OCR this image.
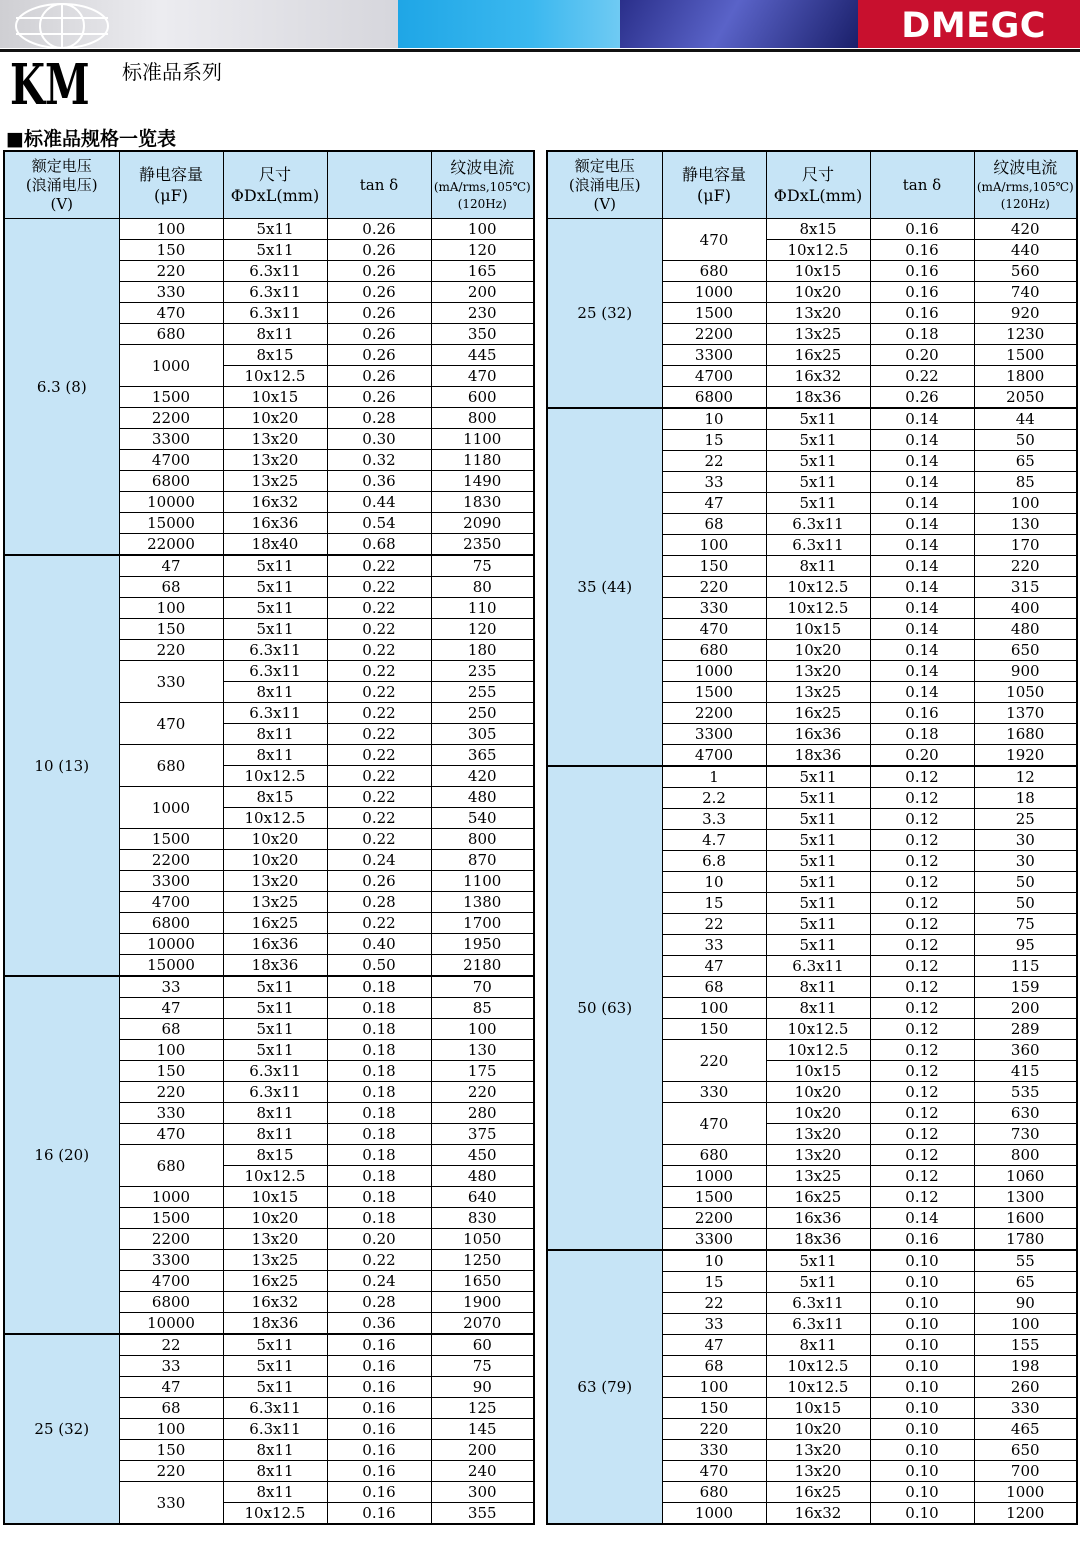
DMEGC
KM 标准品系列
■标准品规格一览表
额定电压
(浪涌电压)
(V)	静电容量
(μF)	尺寸
ΦDxL(mm)	tan δ	纹波电流
(mA/rms,105℃)
(120Hz)

6.3 (8)	100	5x11	0.26	100
	150	5x11	0.26	120
	220	6.3x11	0.26	165
	330	6.3x11	0.26	200
	470	6.3x11	0.26	230
	680	8x11	0.26	350
	1000	8x15	0.26	445
		10x12.5	0.26	470
	1500	10x15	0.26	600
	2200	10x20	0.28	800
	3300	13x20	0.30	1100
	4700	13x20	0.32	1180
	6800	13x25	0.36	1490
	10000	16x32	0.44	1830
	15000	16x36	0.54	2090
	22000	18x40	0.68	2350
10 (13)	47	5x11	0.22	75
	68	5x11	0.22	80
	100	5x11	0.22	110
	150	5x11	0.22	120
	220	6.3x11	0.22	180
	330	6.3x11	0.22	235
		8x11	0.22	255
	470	6.3x11	0.22	250
		8x11	0.22	305
	680	8x11	0.22	365
		10x12.5	0.22	420
	1000	8x15	0.22	480
		10x12.5	0.22	540
	1500	10x20	0.22	800
	2200	10x20	0.24	870
	3300	13x20	0.26	1100
	4700	13x25	0.28	1380
	6800	16x25	0.22	1700
	10000	16x36	0.40	1950
	15000	18x36	0.50	2180
16 (20)	33	5x11	0.18	70
	47	5x11	0.18	85
	68	5x11	0.18	100
	100	5x11	0.18	130
	150	6.3x11	0.18	175
	220	6.3x11	0.18	220
	330	8x11	0.18	280
	470	8x11	0.18	375
	680	8x15	0.18	450
		10x12.5	0.18	480
	1000	10x15	0.18	640
	1500	10x20	0.18	830
	2200	13x20	0.20	1050
	3300	13x25	0.22	1250
	4700	16x25	0.24	1650
	6800	16x32	0.28	1900
	10000	18x36	0.36	2070
25 (32)	22	5x11	0.16	60
	33	5x11	0.16	75
	47	5x11	0.16	90
	68	6.3x11	0.16	125
	100	6.3x11	0.16	145
	150	8x11	0.16	200
	220	8x11	0.16	240
	330	8x11	0.16	300
		10x12.5	0.16	355
额定电压
(浪涌电压)
(V)	静电容量
(μF)	尺寸
ΦDxL(mm)	tan δ	纹波电流
(mA/rms,105℃)
(120Hz)

25 (32)	470	8x15	0.16	420
		10x12.5	0.16	440
	680	10x15	0.16	560
	1000	10x20	0.16	740
	1500	13x20	0.16	920
	2200	13x25	0.18	1230
	3300	16x25	0.20	1500
	4700	16x32	0.22	1800
	6800	18x36	0.26	2050
35 (44)	10	5x11	0.14	44
	15	5x11	0.14	50
	22	5x11	0.14	65
	33	5x11	0.14	85
	47	5x11	0.14	100
	68	6.3x11	0.14	130
	100	6.3x11	0.14	170
	150	8x11	0.14	220
	220	10x12.5	0.14	315
	330	10x12.5	0.14	400
	470	10x15	0.14	480
	680	10x20	0.14	650
	1000	13x20	0.14	900
	1500	13x25	0.14	1050
	2200	16x25	0.16	1370
	3300	16x36	0.18	1680
	4700	18x36	0.20	1920
50 (63)	1	5x11	0.12	12
	2.2	5x11	0.12	18
	3.3	5x11	0.12	25
	4.7	5x11	0.12	30
	6.8	5x11	0.12	30
	10	5x11	0.12	50
	15	5x11	0.12	50
	22	5x11	0.12	75
	33	5x11	0.12	95
	47	6.3x11	0.12	115
	68	8x11	0.12	159
	100	8x11	0.12	200
	150	10x12.5	0.12	289
	220	10x12.5	0.12	360
		10x15	0.12	415
	330	10x20	0.12	535
	470	10x20	0.12	630
		13x20	0.12	730
	680	13x20	0.12	800
	1000	13x25	0.12	1060
	1500	16x25	0.12	1300
	2200	16x36	0.14	1600
	3300	18x36	0.16	1780
63 (79)	10	5x11	0.10	55
	15	5x11	0.10	65
	22	6.3x11	0.10	90
	33	6.3x11	0.10	100
	47	8x11	0.10	155
	68	10x12.5	0.10	198
	100	10x12.5	0.10	260
	150	10x15	0.10	330
	220	10x20	0.10	465
	330	13x20	0.10	650
	470	13x20	0.10	700
	680	16x25	0.10	1000
	1000	16x32	0.10	1200
